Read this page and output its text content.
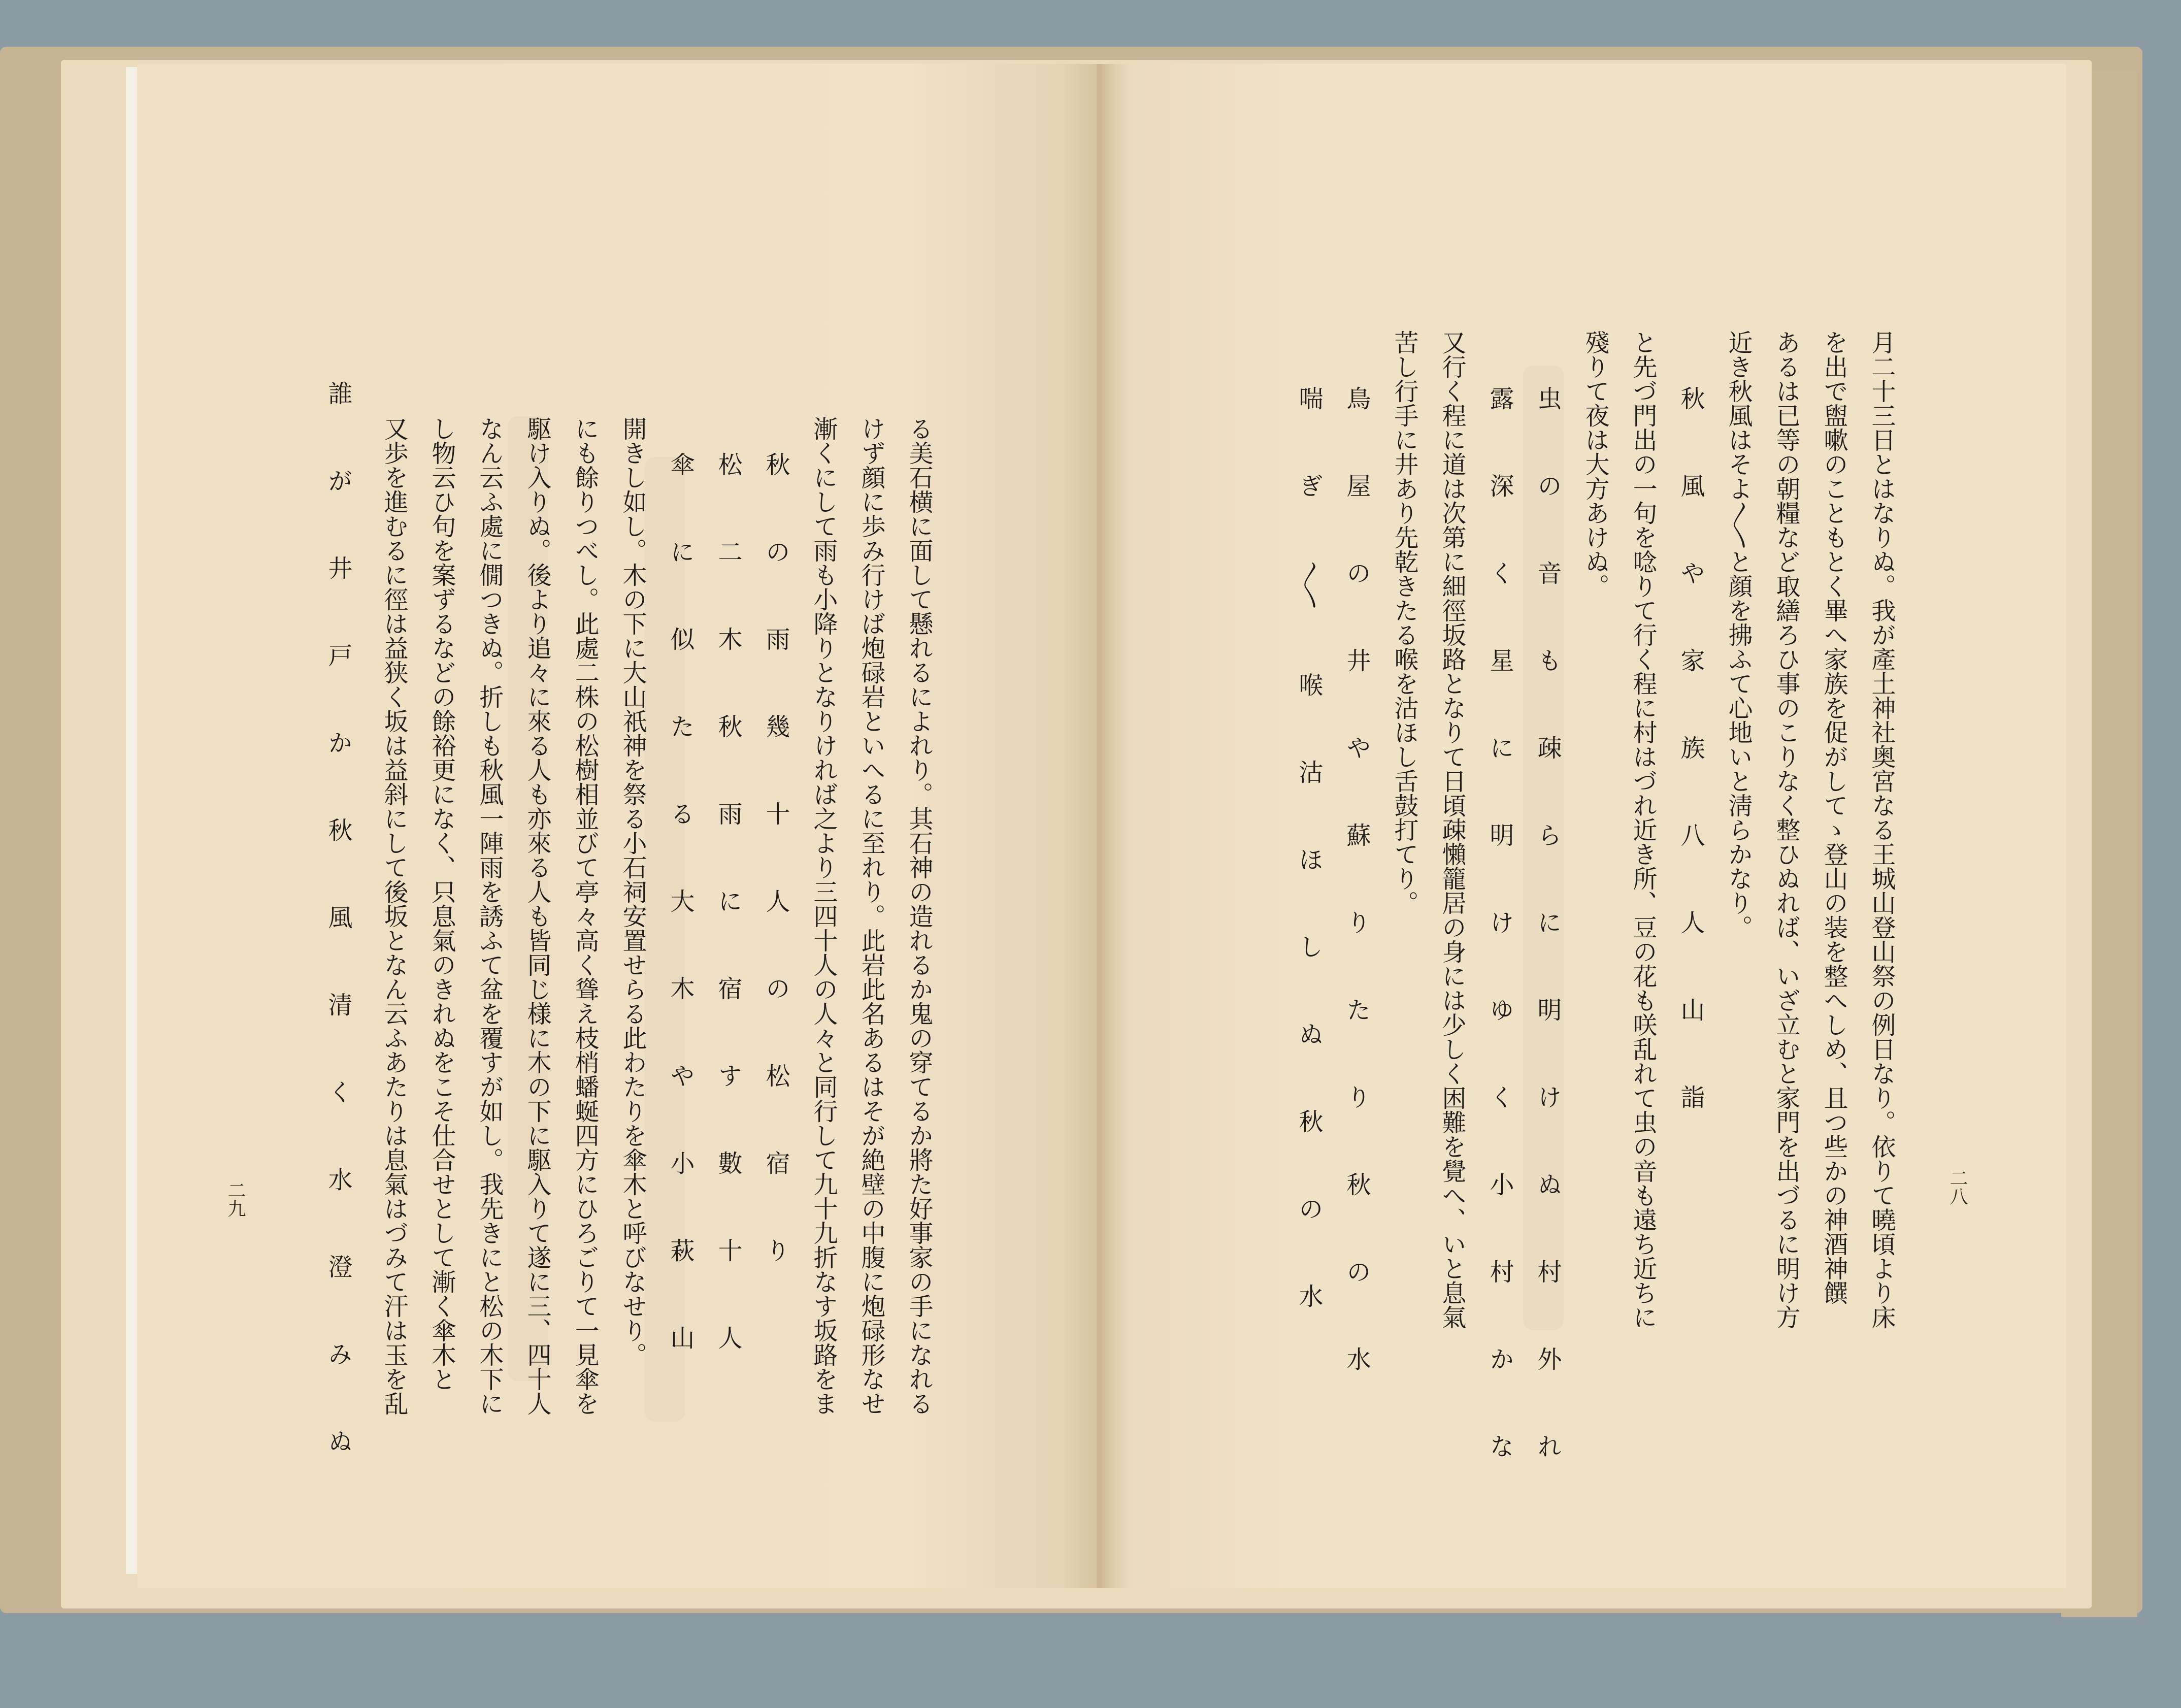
月二十三日とはなりぬ。我が產土神社奥宮なる王城山登山祭の例日なり。依りて曉頃より床
を出で盥嗽のこともとく畢へ家族を促がしてゝ登山の装を整へしめ、且つ些かの神酒神饌
あるは已等の朝糧など取繕ろひ事のこりなく整ひぬれば、いざ立むと家門を出づるに明け方
近き秋風はそよ〳〵と顔を拂ふて心地いと淸らかなり。
秋 風 や 家 族 八 人 山 詣
と先づ門出の一句を唸りて行く程に村はづれ近き所、豆の花も咲乱れて虫の音も遠ち近ちに
殘りて夜は大方あけぬ。
虫 の 音 も 疎 ら に 明 け ぬ 村 外 れ
露 深 く 星 に 明 け ゆ く 小 村 か な
又行く程に道は次第に細徑坂路となりて日頃疎懶籠居の身には少しく困難を覺へ、いと息氣
苦し行手に井あり先乾きたる喉を沽ほし舌鼓打てり。
鳥 屋 の 井 や 蘇 り た り 秋 の 水
喘 ぎ 〳〵 喉 沽 ほ し ぬ 秋 の 水
誰 が 井 戸 か 秋 風 清 く 水 澄 み ぬ 又歩を進むるに徑は益狭く坂は益斜にして後坂となん云ふあたりは息氣はづみて汗は玉を乱 し物云ひ句を案ずるなどの餘裕更になく、只息氣のきれぬをこそ仕合せとして漸く傘木と なん云ふ處に僩つきぬ。折しも秋風一陣雨を誘ふて盆を覆すが如し。我先きにと松の木下に 駆け入りぬ。後より追々に來る人も亦來る人も皆同じ様に木の下に駆入りて遂に三、四十人 にも餘りつべし。此處二株の松樹相並びて亭々高く聳え枝梢蟠蜒四方にひろごりて一見傘を 開きし如し。木の下に大山祇神を祭る小石祠安置せらる此わたりを傘木と呼びなせり。 傘 に 似 た る 大 木 や 小 萩 山 松 二 木 秋 雨 に 宿 す 數 十 人 秋 の 雨 幾 十 人 の 松 宿 り 漸くにして雨も小降りとなりければ之より三四十人の人々と同行して九十九折なす坂路をま けず顔に歩み行けば炮碌岩といへるに至れり。此岩此名あるはそが絶壁の中腹に炮碌形なせ る美石横に面して懸れるによれり。其石神の造れるか鬼の穿てるか將た好事家の手になれる
二九	二八
